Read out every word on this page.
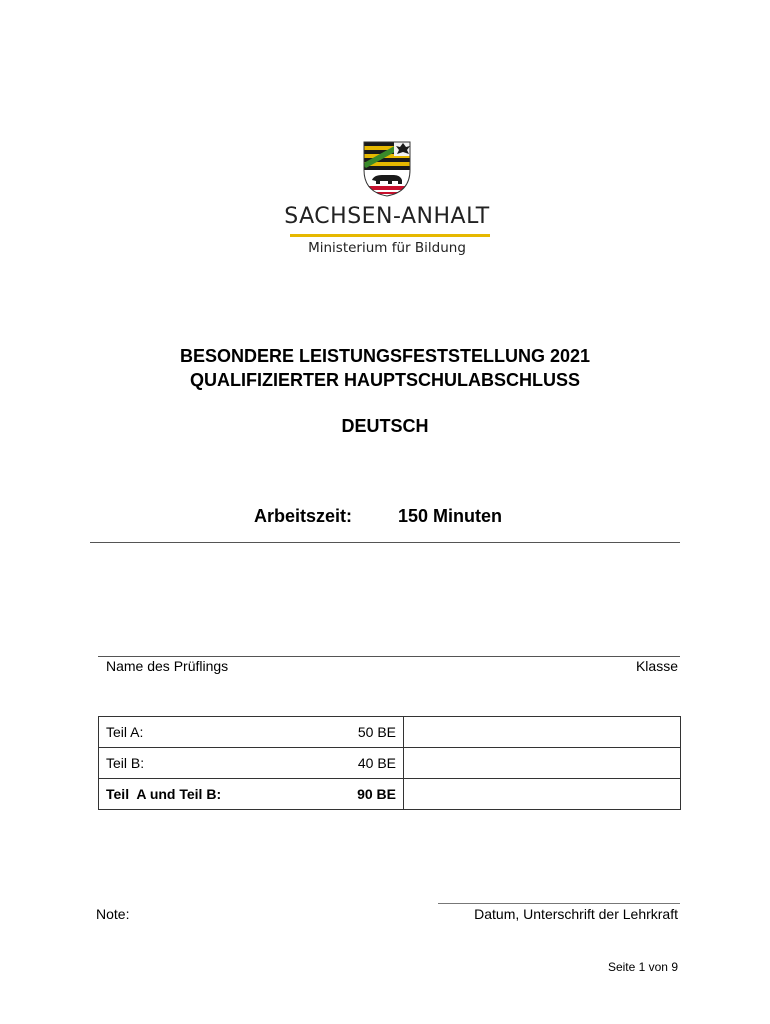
SACHSEN-ANHALT
Ministerium für Bildung
BESONDERE LEISTUNGSFESTSTELLUNG 2021
QUALIFIZIERTER HAUPTSCHULABSCHLUSS
DEUTSCH
Arbeitszeit:	150 Minuten
Name des Prüflings	Klasse
Teil A:	50 BE	
Teil B:	40 BE	
Teil  A und Teil B:	90 BE	
Note:	Datum, Unterschrift der Lehrkraft
Seite 1 von 9
